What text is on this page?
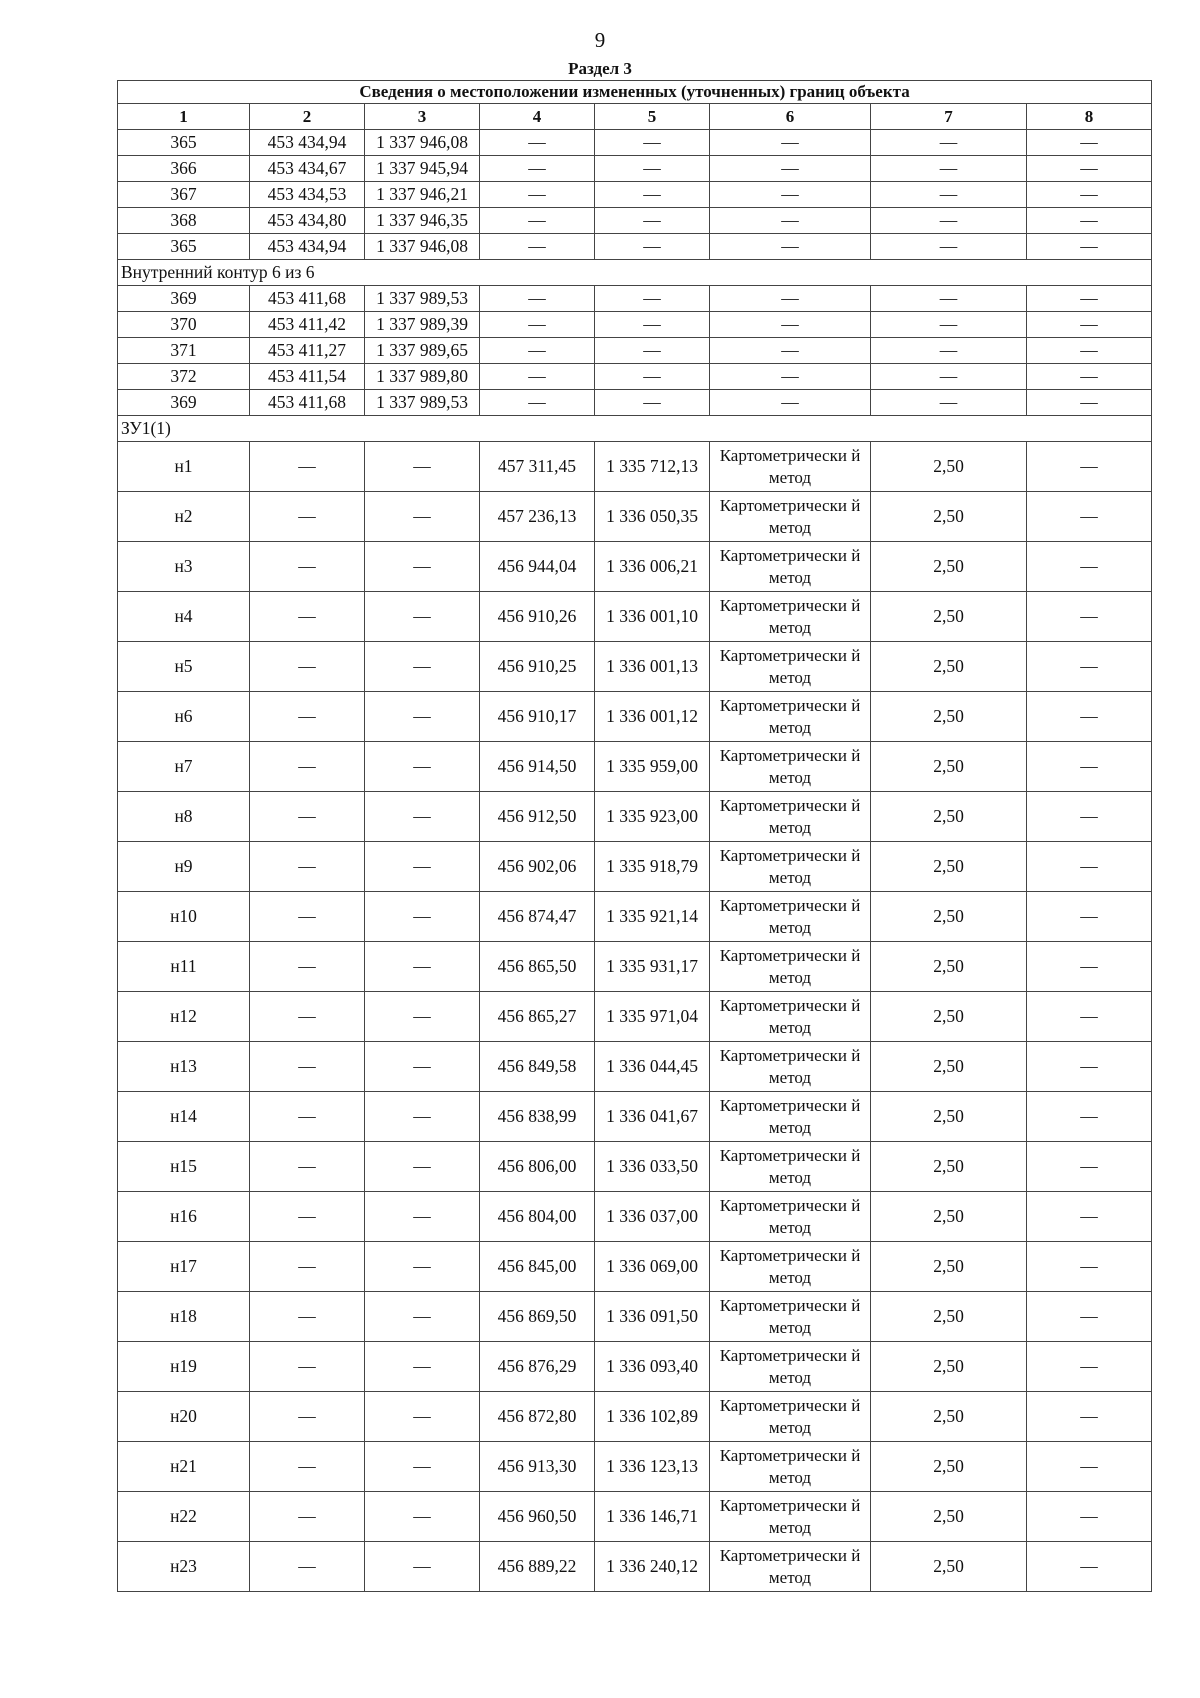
9
Раздел 3
Сведения о местоположении измененных (уточненных) границ объекта							
1	2	3	4	5	6	7	8
365	453 434,94	1 337 946,08	—	—	—	—	—
366	453 434,67	1 337 945,94	—	—	—	—	—
367	453 434,53	1 337 946,21	—	—	—	—	—
368	453 434,80	1 337 946,35	—	—	—	—	—
365	453 434,94	1 337 946,08	—	—	—	—	—
Внутренний контур 6 из 6							
369	453 411,68	1 337 989,53	—	—	—	—	—
370	453 411,42	1 337 989,39	—	—	—	—	—
371	453 411,27	1 337 989,65	—	—	—	—	—
372	453 411,54	1 337 989,80	—	—	—	—	—
369	453 411,68	1 337 989,53	—	—	—	—	—
ЗУ1(1)							
н1	—	—	457 311,45	1 335 712,13	Картометрически й метод	2,50	—
н2	—	—	457 236,13	1 336 050,35	Картометрически й метод	2,50	—
н3	—	—	456 944,04	1 336 006,21	Картометрически й метод	2,50	—
н4	—	—	456 910,26	1 336 001,10	Картометрически й метод	2,50	—
н5	—	—	456 910,25	1 336 001,13	Картометрически й метод	2,50	—
н6	—	—	456 910,17	1 336 001,12	Картометрически й метод	2,50	—
н7	—	—	456 914,50	1 335 959,00	Картометрически й метод	2,50	—
н8	—	—	456 912,50	1 335 923,00	Картометрически й метод	2,50	—
н9	—	—	456 902,06	1 335 918,79	Картометрически й метод	2,50	—
н10	—	—	456 874,47	1 335 921,14	Картометрически й метод	2,50	—
н11	—	—	456 865,50	1 335 931,17	Картометрически й метод	2,50	—
н12	—	—	456 865,27	1 335 971,04	Картометрически й метод	2,50	—
н13	—	—	456 849,58	1 336 044,45	Картометрически й метод	2,50	—
н14	—	—	456 838,99	1 336 041,67	Картометрически й метод	2,50	—
н15	—	—	456 806,00	1 336 033,50	Картометрически й метод	2,50	—
н16	—	—	456 804,00	1 336 037,00	Картометрически й метод	2,50	—
н17	—	—	456 845,00	1 336 069,00	Картометрически й метод	2,50	—
н18	—	—	456 869,50	1 336 091,50	Картометрически й метод	2,50	—
н19	—	—	456 876,29	1 336 093,40	Картометрически й метод	2,50	—
н20	—	—	456 872,80	1 336 102,89	Картометрически й метод	2,50	—
н21	—	—	456 913,30	1 336 123,13	Картометрически й метод	2,50	—
н22	—	—	456 960,50	1 336 146,71	Картометрически й метод	2,50	—
н23	—	—	456 889,22	1 336 240,12	Картометрически й метод	2,50	—
